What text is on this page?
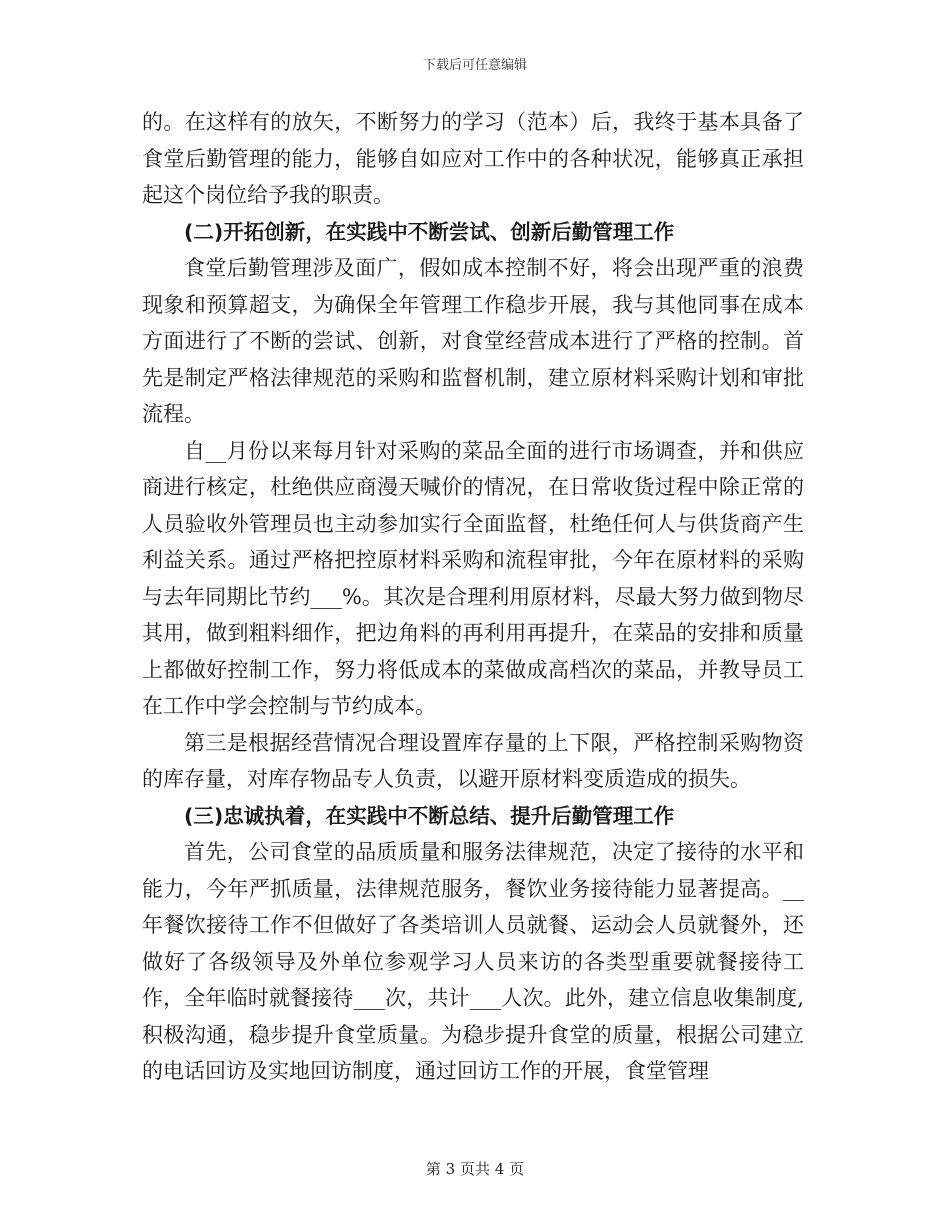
下载后可任意编辑

的。在这样有的放矢，不断努力的学习（范本）后，我终于基本具备了食堂后勤管理的能力，能够自如应对工作中的各种状况，能够真正承担起这个岗位给予我的职责。

(二)开拓创新，在实践中不断尝试、创新后勤管理工作

食堂后勤管理涉及面广，假如成本控制不好，将会出现严重的浪费现象和预算超支，为确保全年管理工作稳步开展，我与其他同事在成本方面进行了不断的尝试、创新，对食堂经营成本进行了严格的控制。首先是制定严格法律规范的采购和监督机制，建立原材料采购计划和审批流程。

自__月份以来每月针对采购的菜品全面的进行市场调查，并和供应商进行核定，杜绝供应商漫天喊价的情况，在日常收货过程中除正常的人员验收外管理员也主动参加实行全面监督，杜绝任何人与供货商产生利益关系。通过严格把控原材料采购和流程审批，今年在原材料的采购与去年同期比节约___%。其次是合理利用原材料，尽最大努力做到物尽其用，做到粗料细作，把边角料的再利用再提升，在菜品的安排和质量上都做好控制工作，努力将低成本的菜做成高档次的菜品，并教导员工在工作中学会控制与节约成本。

第三是根据经营情况合理设置库存量的上下限，严格控制采购物资的库存量，对库存物品专人负责，以避开原材料变质造成的损失。

(三)忠诚执着，在实践中不断总结、提升后勤管理工作

首先，公司食堂的品质质量和服务法律规范，决定了接待的水平和能力，今年严抓质量，法律规范服务，餐饮业务接待能力显著提高。__年餐饮接待工作不但做好了各类培训人员就餐、运动会人员就餐外，还做好了各级领导及外单位参观学习人员来访的各类型重要就餐接待工作，全年临时就餐接待___次，共计___人次。此外，建立信息收集制度,积极沟通，稳步提升食堂质量。为稳步提升食堂的质量，根据公司建立的电话回访及实地回访制度，通过回访工作的开展，食堂管理

第 3 页共 4 页
